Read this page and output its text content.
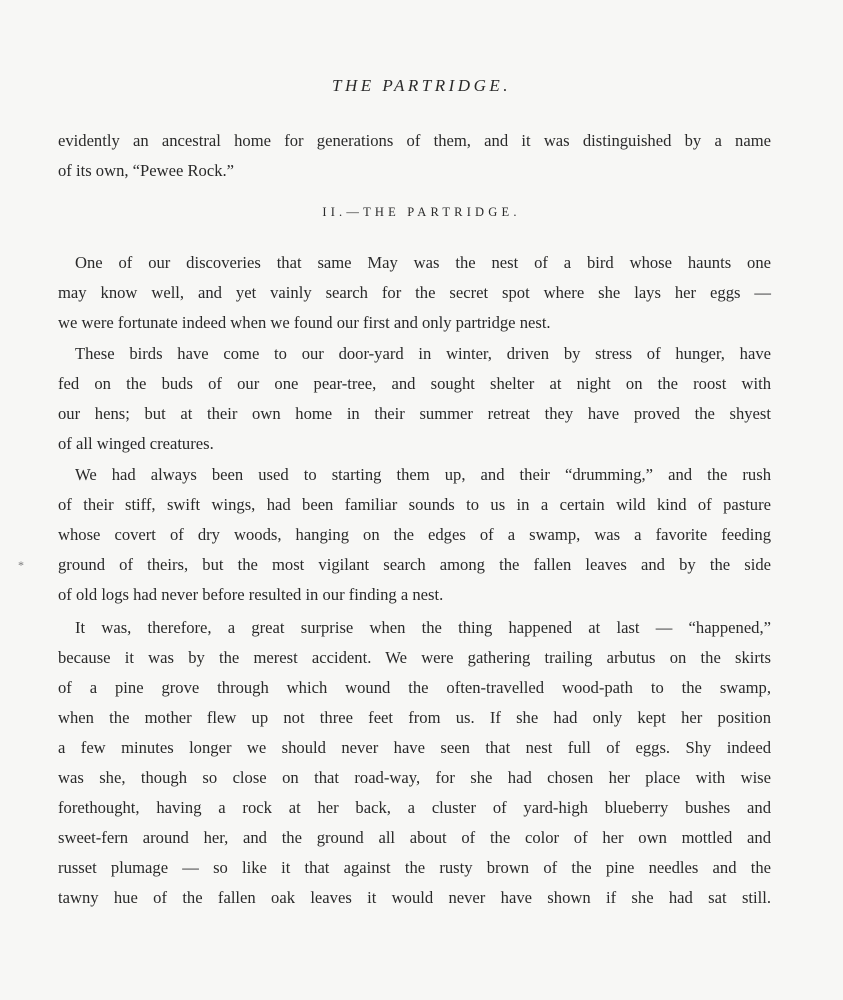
THE PARTRIDGE.
evidently an ancestral home for generations of them, and it was distinguished by a name
of its own, “Pewee Rock.”
II.—THE PARTRIDGE.
One of our discoveries that same May was the nest of a bird whose haunts one
may know well, and yet vainly search for the secret spot where she lays her eggs —
we were fortunate indeed when we found our first and only partridge nest.
These birds have come to our door-yard in winter, driven by stress of hunger, have
fed on the buds of our one pear-tree, and sought shelter at night on the roost with
our hens; but at their own home in their summer retreat they have proved the shyest
of all winged creatures.
We had always been used to starting them up, and their “drumming,” and the rush
of their stiff, swift wings, had been familiar sounds to us in a certain wild kind of pasture
whose covert of dry woods, hanging on the edges of a swamp, was a favorite feeding
ground of theirs, but the most vigilant search among the fallen leaves and by the side
of old logs had never before resulted in our finding a nest.
It was, therefore, a great surprise when the thing happened at last — “happened,”
because it was by the merest accident. We were gathering trailing arbutus on the skirts
of a pine grove through which wound the often-travelled wood-path to the swamp,
when the mother flew up not three feet from us. If she had only kept her position
a few minutes longer we should never have seen that nest full of eggs. Shy indeed
was she, though so close on that road-way, for she had chosen her place with wise
forethought, having a rock at her back, a cluster of yard-high blueberry bushes and
sweet-fern around her, and the ground all about of the color of her own mottled and
russet plumage — so like it that against the rusty brown of the pine needles and the
tawny hue of the fallen oak leaves it would never have shown if she had sat still.
*
